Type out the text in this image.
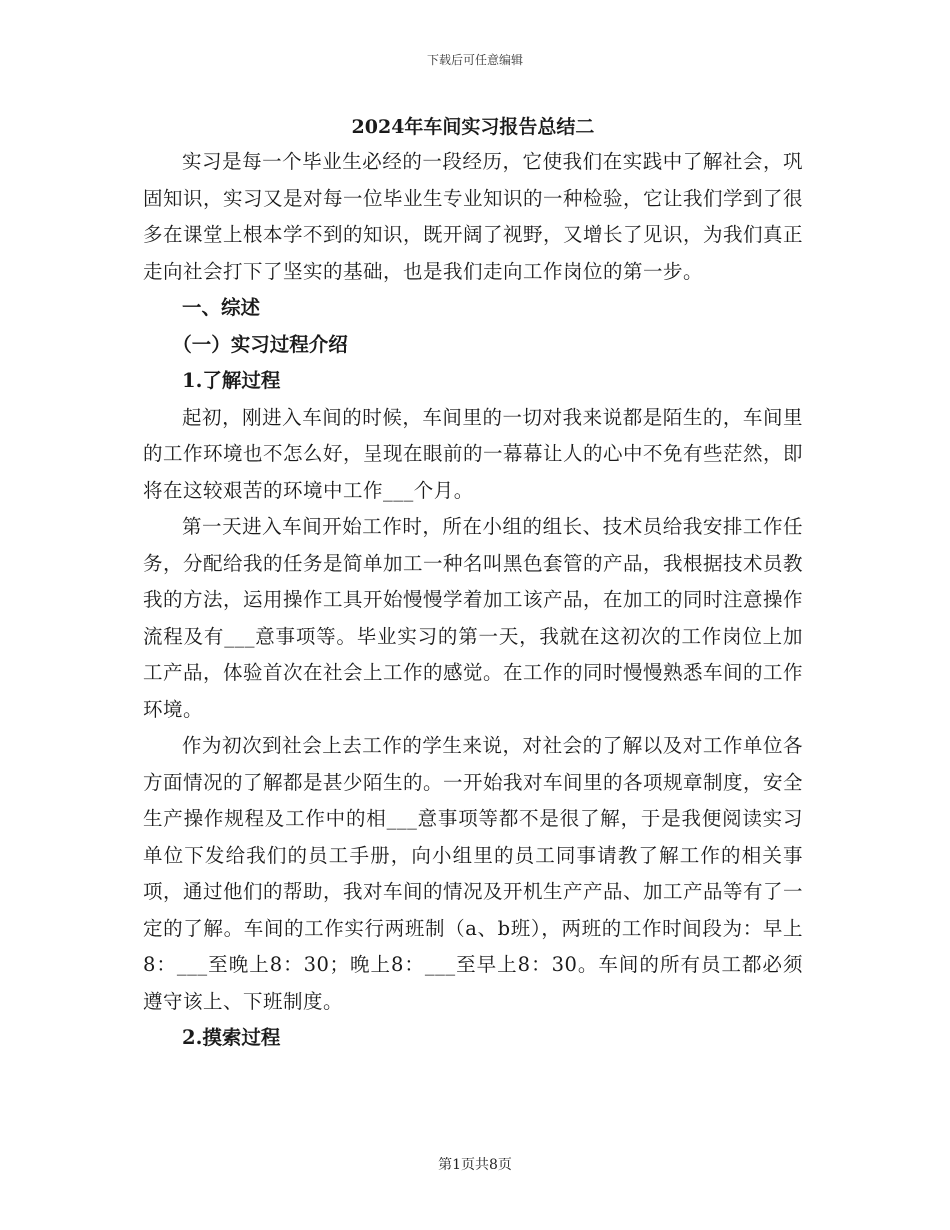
下载后可任意编辑

2024年车间实习报告总结二

实习是每一个毕业生必经的一段经历，它使我们在实践中了解社会，巩固知识，实习又是对每一位毕业生专业知识的一种检验，它让我们学到了很多在课堂上根本学不到的知识，既开阔了视野，又增长了见识，为我们真正走向社会打下了坚实的基础，也是我们走向工作岗位的第一步。

一、综述

（一）实习过程介绍

1.了解过程

起初，刚进入车间的时候，车间里的一切对我来说都是陌生的，车间里的工作环境也不怎么好，呈现在眼前的一幕幕让人的心中不免有些茫然，即将在这较艰苦的环境中工作___个月。

第一天进入车间开始工作时，所在小组的组长、技术员给我安排工作任务，分配给我的任务是简单加工一种名叫黑色套管的产品，我根据技术员教我的方法，运用操作工具开始慢慢学着加工该产品，在加工的同时注意操作流程及有___意事项等。毕业实习的第一天，我就在这初次的工作岗位上加工产品，体验首次在社会上工作的感觉。在工作的同时慢慢熟悉车间的工作环境。

作为初次到社会上去工作的学生来说，对社会的了解以及对工作单位各方面情况的了解都是甚少陌生的。一开始我对车间里的各项规章制度，安全生产操作规程及工作中的相___意事项等都不是很了解，于是我便阅读实习单位下发给我们的员工手册，向小组里的员工同事请教了解工作的相关事项，通过他们的帮助，我对车间的情况及开机生产产品、加工产品等有了一定的了解。车间的工作实行两班制（a、b班），两班的工作时间段为：早上8：___至晚上8：30；晚上8：___至早上8：30。车间的所有员工都必须遵守该上、下班制度。

2.摸索过程

第1页共8页
